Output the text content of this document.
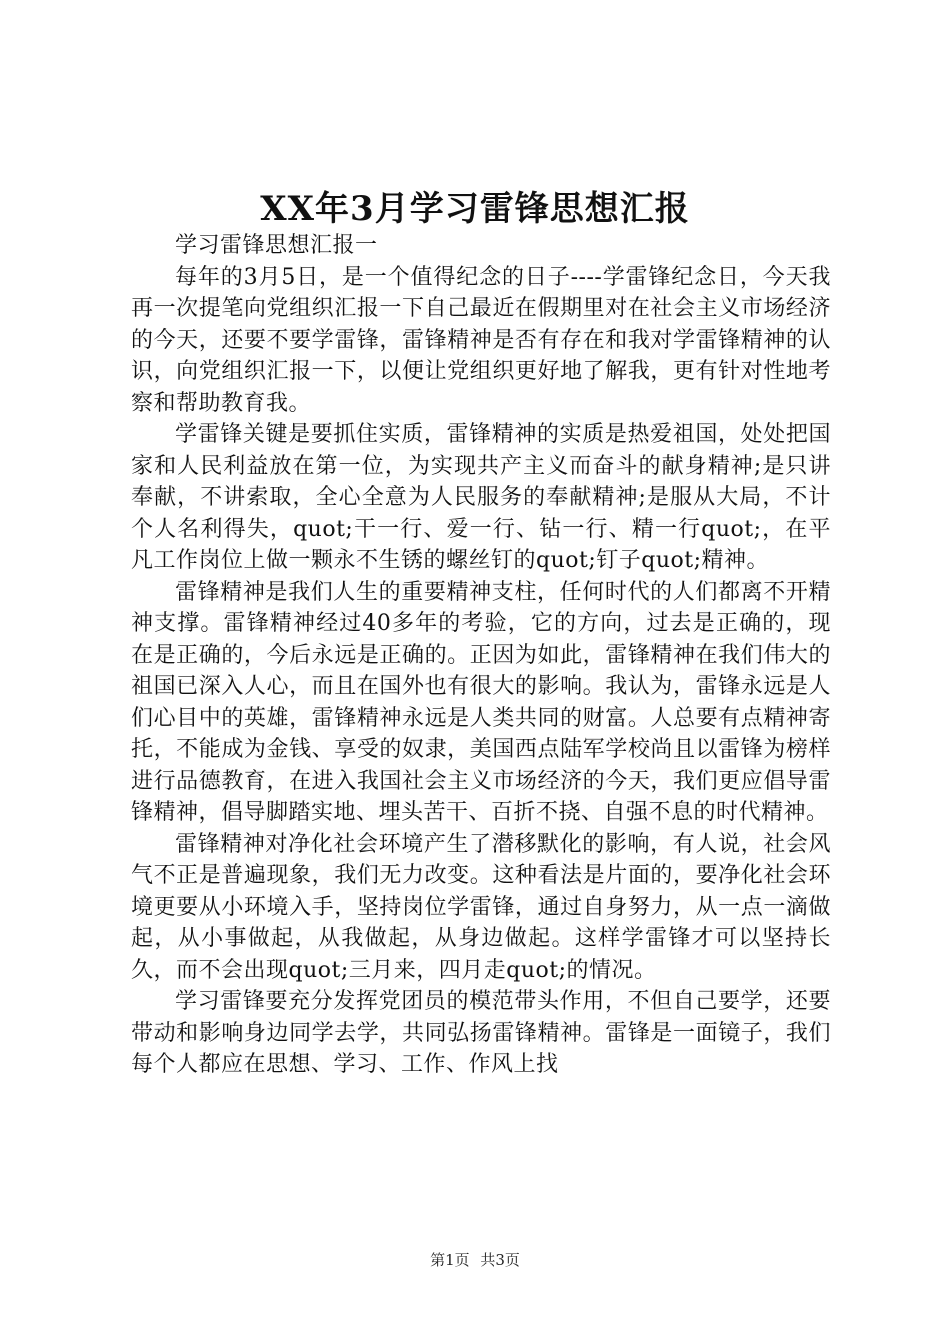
XX年3月学习雷锋思想汇报

学习雷锋思想汇报一

每年的3月5日，是一个值得纪念的日子----学雷锋纪念日，今天我再一次提笔向党组织汇报一下自己最近在假期里对在社会主义市场经济的今天，还要不要学雷锋，雷锋精神是否有存在和我对学雷锋精神的认识，向党组织汇报一下，以便让党组织更好地了解我，更有针对性地考察和帮助教育我。

学雷锋关键是要抓住实质，雷锋精神的实质是热爱祖国，处处把国家和人民利益放在第一位，为实现共产主义而奋斗的献身精神;是只讲奉献，不讲索取，全心全意为人民服务的奉献精神;是服从大局，不计个人名利得失，quot;干一行、爱一行、钻一行、精一行quot;，在平凡工作岗位上做一颗永不生锈的螺丝钉的quot;钉子quot;精神。

雷锋精神是我们人生的重要精神支柱，任何时代的人们都离不开精神支撑。雷锋精神经过40多年的考验，它的方向，过去是正确的，现在是正确的，今后永远是正确的。正因为如此，雷锋精神在我们伟大的祖国已深入人心，而且在国外也有很大的影响。我认为，雷锋永远是人们心目中的英雄，雷锋精神永远是人类共同的财富。人总要有点精神寄托，不能成为金钱、享受的奴隶，美国西点陆军学校尚且以雷锋为榜样进行品德教育，在进入我国社会主义市场经济的今天，我们更应倡导雷锋精神，倡导脚踏实地、埋头苦干、百折不挠、自强不息的时代精神。

雷锋精神对净化社会环境产生了潜移默化的影响，有人说，社会风气不正是普遍现象，我们无力改变。这种看法是片面的，要净化社会环境更要从小环境入手，坚持岗位学雷锋，通过自身努力，从一点一滴做起，从小事做起，从我做起，从身边做起。这样学雷锋才可以坚持长久，而不会出现quot;三月来，四月走quot;的情况。

学习雷锋要充分发挥党团员的模范带头作用，不但自己要学，还要带动和影响身边同学去学，共同弘扬雷锋精神。雷锋是一面镜子，我们每个人都应在思想、学习、工作、作风上找

第1页 共3页
